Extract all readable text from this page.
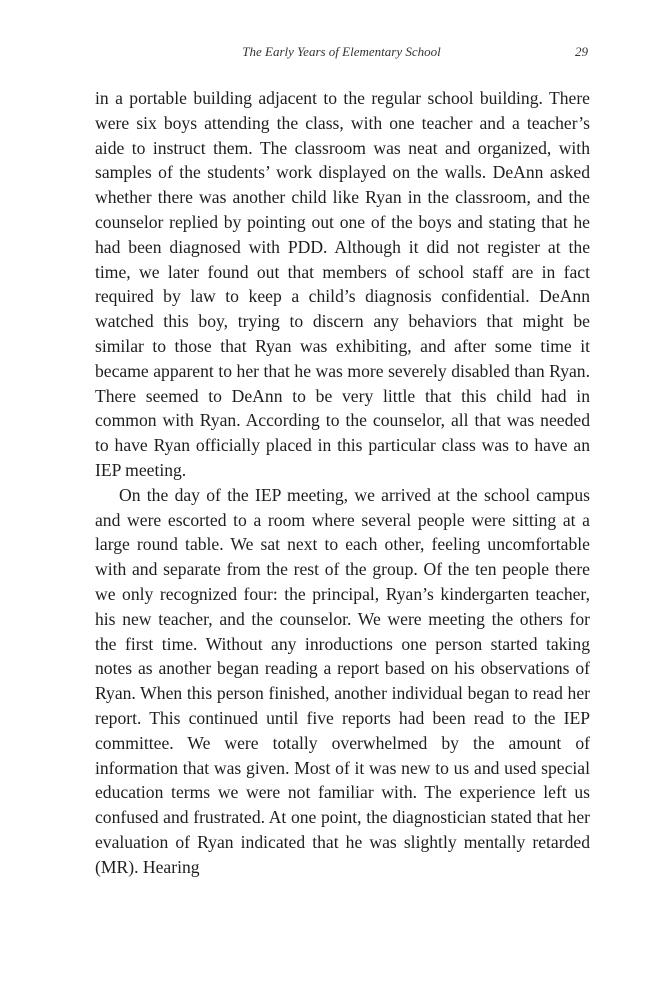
The Early Years of Elementary School	29

in a portable building adjacent to the regular school building. There were six boys attending the class, with one teacher and a teacher’s aide to instruct them. The classroom was neat and organized, with samples of the students’ work displayed on the walls. DeAnn asked whether there was another child like Ryan in the classroom, and the counselor replied by pointing out one of the boys and stating that he had been diagnosed with PDD. Although it did not register at the time, we later found out that members of school staff are in fact required by law to keep a child’s diagnosis confidential. DeAnn watched this boy, trying to discern any behaviors that might be similar to those that Ryan was exhibiting, and after some time it became apparent to her that he was more severely disabled than Ryan. There seemed to DeAnn to be very little that this child had in common with Ryan. According to the counselor, all that was needed to have Ryan officially placed in this particular class was to have an IEP meeting.

On the day of the IEP meeting, we arrived at the school campus and were escorted to a room where several people were sitting at a large round table. We sat next to each other, feeling uncomfortable with and separate from the rest of the group. Of the ten people there we only recognized four: the principal, Ryan’s kindergarten teacher, his new teacher, and the counselor. We were meeting the others for the first time. Without any inroductions one person started taking notes as another began reading a report based on his observations of Ryan. When this person finished, another individual began to read her report. This continued until five reports had been read to the IEP committee. We were totally overwhelmed by the amount of information that was given. Most of it was new to us and used special education terms we were not familiar with. The experience left us confused and frustrated. At one point, the diagnostician stated that her evaluation of Ryan indicated that he was slightly mentally retarded (MR). Hearing
